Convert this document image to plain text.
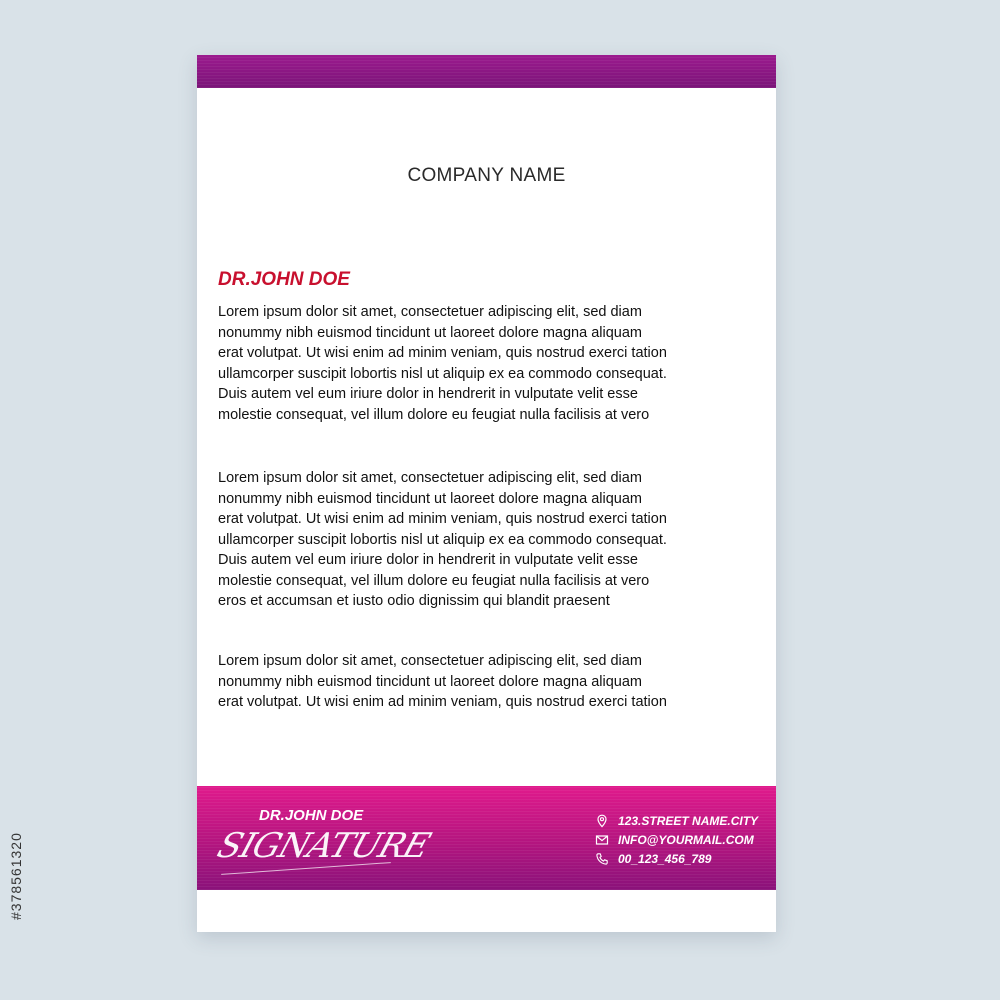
#378561320
COMPANY NAME
DR.JOHN DOE
Lorem ipsum dolor sit amet, consectetuer adipiscing elit, sed diam
nonummy nibh euismod tincidunt ut laoreet dolore magna aliquam
erat volutpat. Ut wisi enim ad minim veniam, quis nostrud exerci tation
ullamcorper suscipit lobortis nisl ut aliquip ex ea commodo consequat.
Duis autem vel eum iriure dolor in hendrerit in vulputate velit esse
molestie consequat, vel illum dolore eu feugiat nulla facilisis at vero
Lorem ipsum dolor sit amet, consectetuer adipiscing elit, sed diam
nonummy nibh euismod tincidunt ut laoreet dolore magna aliquam
erat volutpat. Ut wisi enim ad minim veniam, quis nostrud exerci tation
ullamcorper suscipit lobortis nisl ut aliquip ex ea commodo consequat.
Duis autem vel eum iriure dolor in hendrerit in vulputate velit esse
molestie consequat, vel illum dolore eu feugiat nulla facilisis at vero
eros et accumsan et iusto odio dignissim qui blandit praesent
Lorem ipsum dolor sit amet, consectetuer adipiscing elit, sed diam
nonummy nibh euismod tincidunt ut laoreet dolore magna aliquam
erat volutpat. Ut wisi enim ad minim veniam, quis nostrud exerci tation
DR.JOHN DOE
SIGNATURE
123.STREET NAME.CITY
INFO@YOURMAIL.COM
00_123_456_789
